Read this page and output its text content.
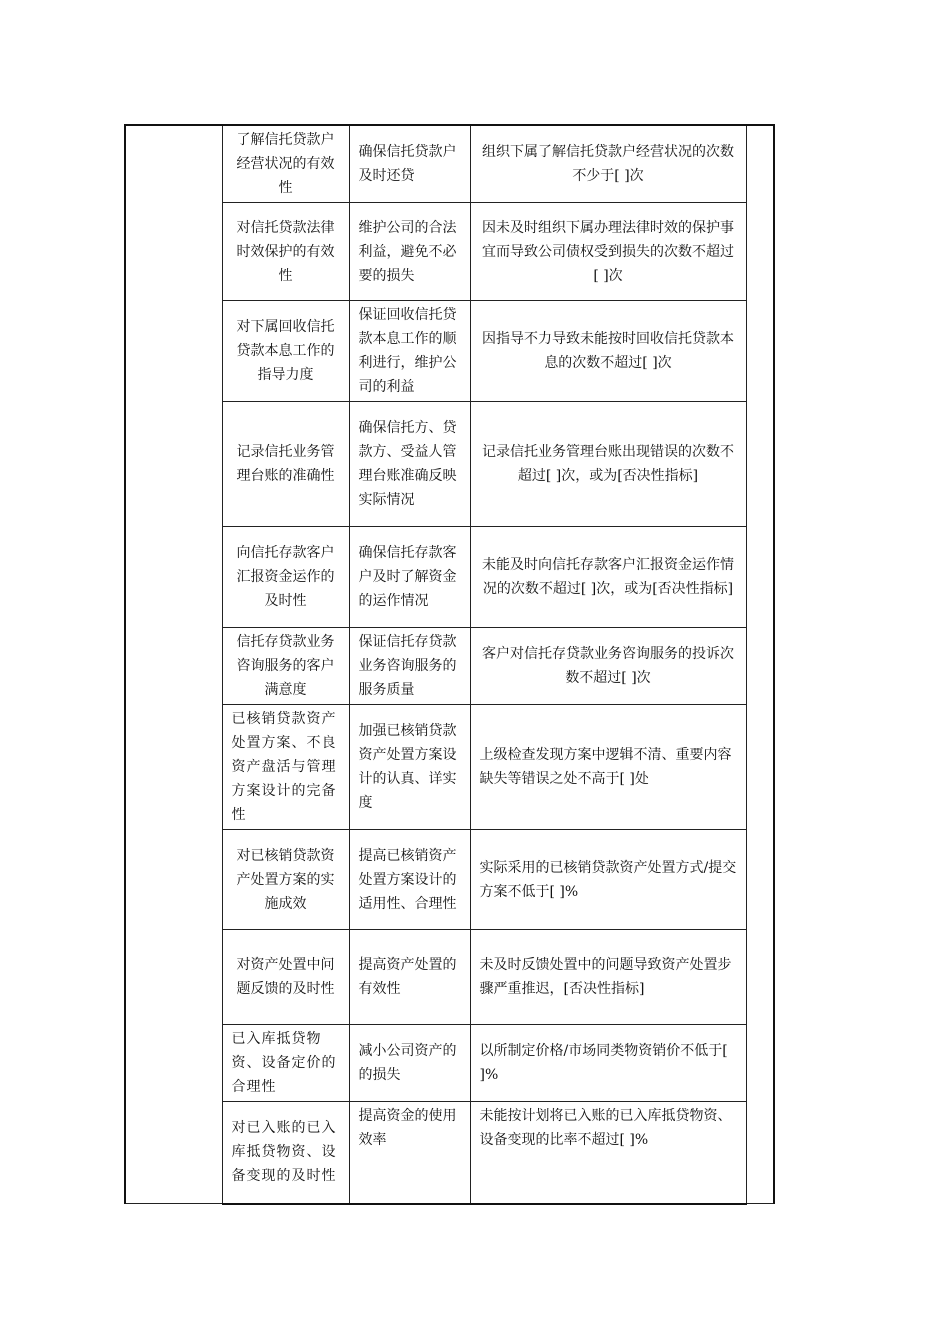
	了解信托贷款户经营状况的有效性	确保信托贷款户及时还贷	组织下属了解信托贷款户经营状况的次数不少于[ ]次	
	对信托贷款法律时效保护的有效性	维护公司的合法利益，避免不必要的损失	因未及时组织下属办理法律时效的保护事宜而导致公司债权受到损失的次数不超过[ ]次	
	对下属回收信托贷款本息工作的指导力度	保证回收信托贷款本息工作的顺利进行，维护公司的利益	因指导不力导致未能按时回收信托贷款本息的次数不超过[ ]次	
	记录信托业务管理台账的准确性	确保信托方、贷款方、受益人管理台账准确反映实际情况	记录信托业务管理台账出现错误的次数不超过[ ]次，或为[否决性指标]	
	向信托存款客户汇报资金运作的及时性	确保信托存款客户及时了解资金的运作情况	未能及时向信托存款客户汇报资金运作情况的次数不超过[ ]次，或为[否决性指标]	
	信托存贷款业务咨询服务的客户满意度	保证信托存贷款业务咨询服务的服务质量	客户对信托存贷款业务咨询服务的投诉次数不超过[ ]次	
	已核销贷款资产处置方案、不良资产盘活与管理方案设计的完备性	加强已核销贷款资产处置方案设计的认真、详实度	上级检查发现方案中逻辑不清、重要内容缺失等错误之处不高于[ ]处	
	对已核销贷款资产处置方案的实施成效	提高已核销资产处置方案设计的适用性、合理性	实际采用的已核销贷款资产处置方式/提交方案不低于[ ]%	
	对资产处置中问题反馈的及时性	提高资产处置的有效性	未及时反馈处置中的问题导致资产处置步骤严重推迟，[否决性指标]	
	已入库抵贷物资、设备定价的合理性	减小公司资产的的损失	以所制定价格/市场同类物资销价不低于[ ]%	
	对已入账的已入库抵贷物资、设备变现的及时性	提高资金的使用效率	未能按计划将已入账的已入库抵贷物资、设备变现的比率不超过[ ]%	
